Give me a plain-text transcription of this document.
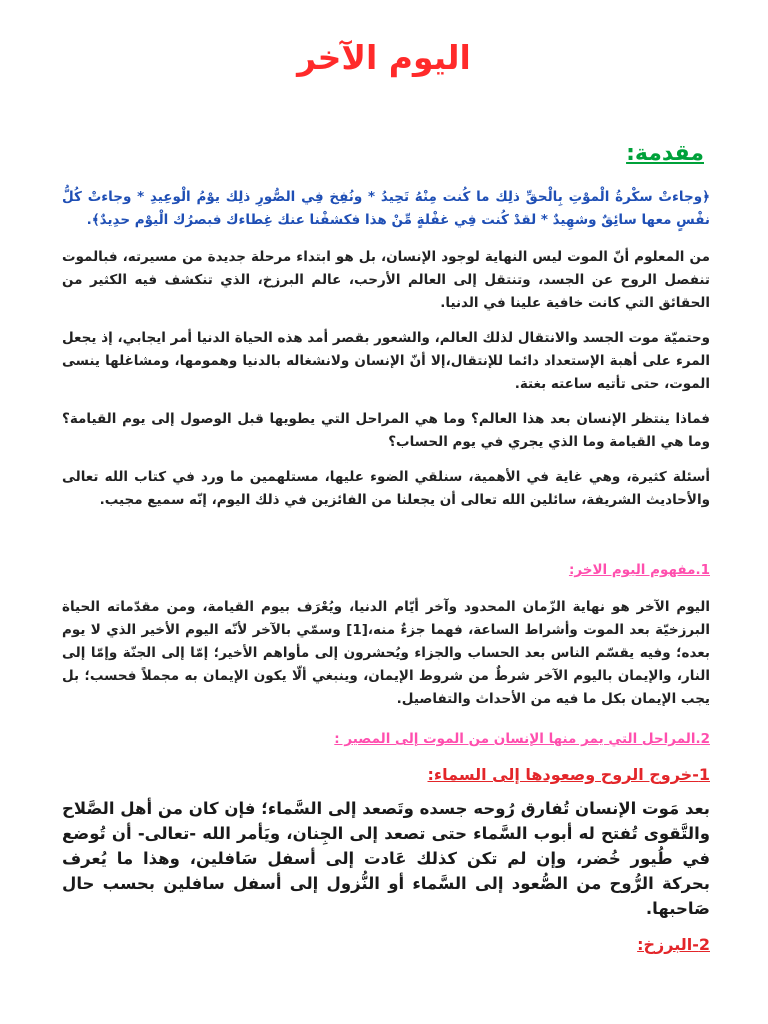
اليوم الآخر
مقدمة:

﴿وجاءتْ سكْرةُ الْموْتِ بِالْحقِّ ذلِك ما كُنت مِنْهُ تَحِيدُ * ونُفِخ فِي الصُّورِ ذلِك يوْمُ الْوعِيدِ * وجاءتْ كُلُّ نفْسٍ معها سائِقٌ وشهِيدٌ * لقدْ كُنت فِي غفْلةٍ مِّنْ هذا فكشفْنا عنك غِطاءك فبصرُك الْيوْم حدِيدٌ﴾.

من المعلوم أنّ الموت ليس النهاية لوجود الإنسان، بل هو ابتداء مرحلة جديدة من مسيرته، فبالموت تنفصل الروح عن الجسد، وتنتقل إلى العالم الأرحب، عالم البرزخ، الذي تنكشف فيه الكثير من الحقائق التي كانت خافية علينا في الدنيا.

وحتميّة موت الجسد والانتقال لذلك العالم، والشعور بقصر أمد هذه الحياة الدنيا أمر ايجابي، إذ يجعل المرء على أهبة الإستعداد دائما للإنتقال،إلا أنّ الإنسان ولانشغاله بالدنيا وهمومها، ومشاغلها ينسى الموت، حتى تأتيه ساعته بغتة.

فماذا ينتظر الإنسان بعد هذا العالم؟ وما هي المراحل التي يطويها قبل الوصول إلى يوم القيامة؟وما هي القيامة وما الذي يجري في يوم الحساب؟

أسئلة كثيرة، وهي غاية في الأهمية، سنلقي الضوء عليها، مستلهمين ما ورد في كتاب الله تعالى والأحاديث الشريفة، سائلين الله تعالى أن يجعلنا من الفائزين في ذلك اليوم، إنّه سميع مجيب.

1.مفهوم اليوم الاخر:

اليوم الآخر هو نهاية الزّمان المحدود وآخر أيّام الدنيا، ويُعْرَف بيوم القيامة، ومن مقدّماته الحياة البرزخيّة بعد الموت وأشراط الساعة، فهما جزءٌ منه،[1] وسمّي بالآخر لأنّه اليوم الأخير الذي لا يوم بعده؛ وفيه يقسّم الناس بعد الحساب والجزاء ويُحشرون إلى مأواهم الأخير؛ إمّا إلى الجنّة وإمّا إلى النار، والإيمان باليوم الآخر شرطٌ من شروط الإيمان، وينبغي ألّا يكون الإيمان به مجملاً فحسب؛ بل يجب الإيمان بكل ما فيه من الأحداث والتفاصيل.

2.المراحل التي يمر منها الإنسان من الموت إلى المصير :

1-خروج الروح وصعودها إلى السماء:

بعد مَوت الإنسان تُفارق رُوحه جسده وتَصعد إلى السَّماء؛ فإن كان من أهل الصَّلاح والتَّقوى تُفتح له أبوب السَّماء حتى تصعد إلى الجِنان، ويَأمر الله -تعالى- أن تُوضع في طُيور خُضر، وإن لم تكن كذلك عَادت إلى أسفل سَافلين، وهذا ما يُعرف بحركة الرُّوح من الصُّعود إلى السَّماء أو النُّزول إلى أسفل سافلين بحسب حال صَاحبها.

2-البرزخ:
